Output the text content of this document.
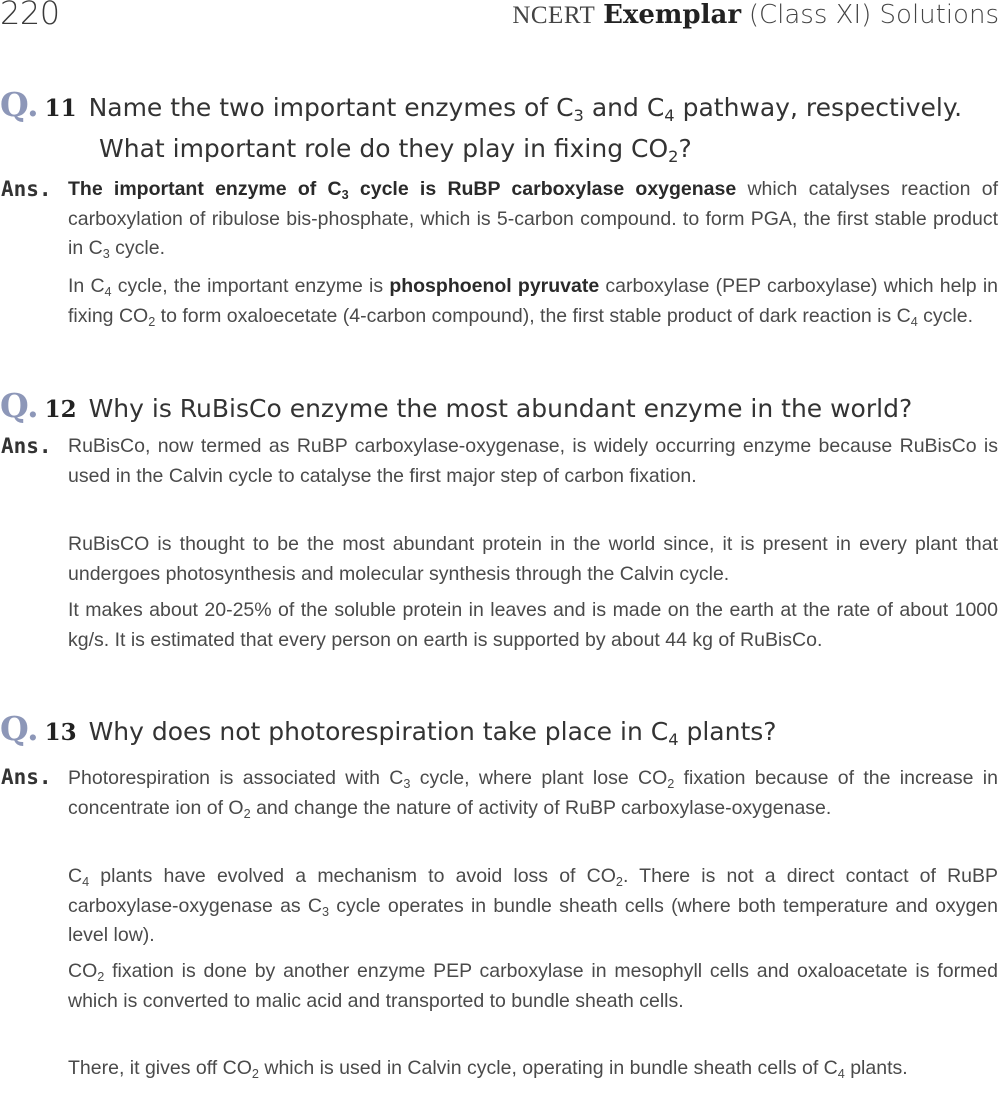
220	NCERT Exemplar (Class XI) Solutions
Q. 11 Name the two important enzymes of $C_3$ and $C_4$ pathway, respectively.
What important role do they play in fixing $CO_2$?
Ans. The important enzyme of $C_3$ cycle is RuBP carboxylase oxygenase which catalyses reaction of carboxylation of ribulose bis-phosphate, which is 5-carbon compound. to form PGA, the first stable product in $C_3$ cycle.
In $C_4$ cycle, the important enzyme is phosphoenol pyruvate carboxylase (PEP carboxylase) which help in fixing $CO_2$ to form oxaloecetate (4-carbon compound), the first stable product of dark reaction is $C_4$ cycle.
Q. 12 Why is RuBisCo enzyme the most abundant enzyme in the world?
Ans. RuBisCo, now termed as RuBP carboxylase-oxygenase, is widely occurring enzyme because RuBisCo is used in the Calvin cycle to catalyse the first major step of carbon fixation.
RuBisCO is thought to be the most abundant protein in the world since, it is present in every plant that undergoes photosynthesis and molecular synthesis through the Calvin cycle.
It makes about 20-25% of the soluble protein in leaves and is made on the earth at the rate of about 1000 kg/s. It is estimated that every person on earth is supported by about 44 kg of RuBisCo.
Q. 13 Why does not photorespiration take place in $C_4$ plants?
Ans. Photorespiration is associated with $C_3$ cycle, where plant lose $CO_2$ fixation because of the increase in concentrate ion of $O_2$ and change the nature of activity of RuBP carboxylase-oxygenase.
$C_4$ plants have evolved a mechanism to avoid loss of $CO_2$. There is not a direct contact of RuBP carboxylase-oxygenase as $C_3$ cycle operates in bundle sheath cells (where both temperature and oxygen level low).
$CO_2$ fixation is done by another enzyme PEP carboxylase in mesophyll cells and oxaloacetate is formed which is converted to malic acid and transported to bundle sheath cells.
There, it gives off $CO_2$ which is used in Calvin cycle, operating in bundle sheath cells of $C_4$ plants.
